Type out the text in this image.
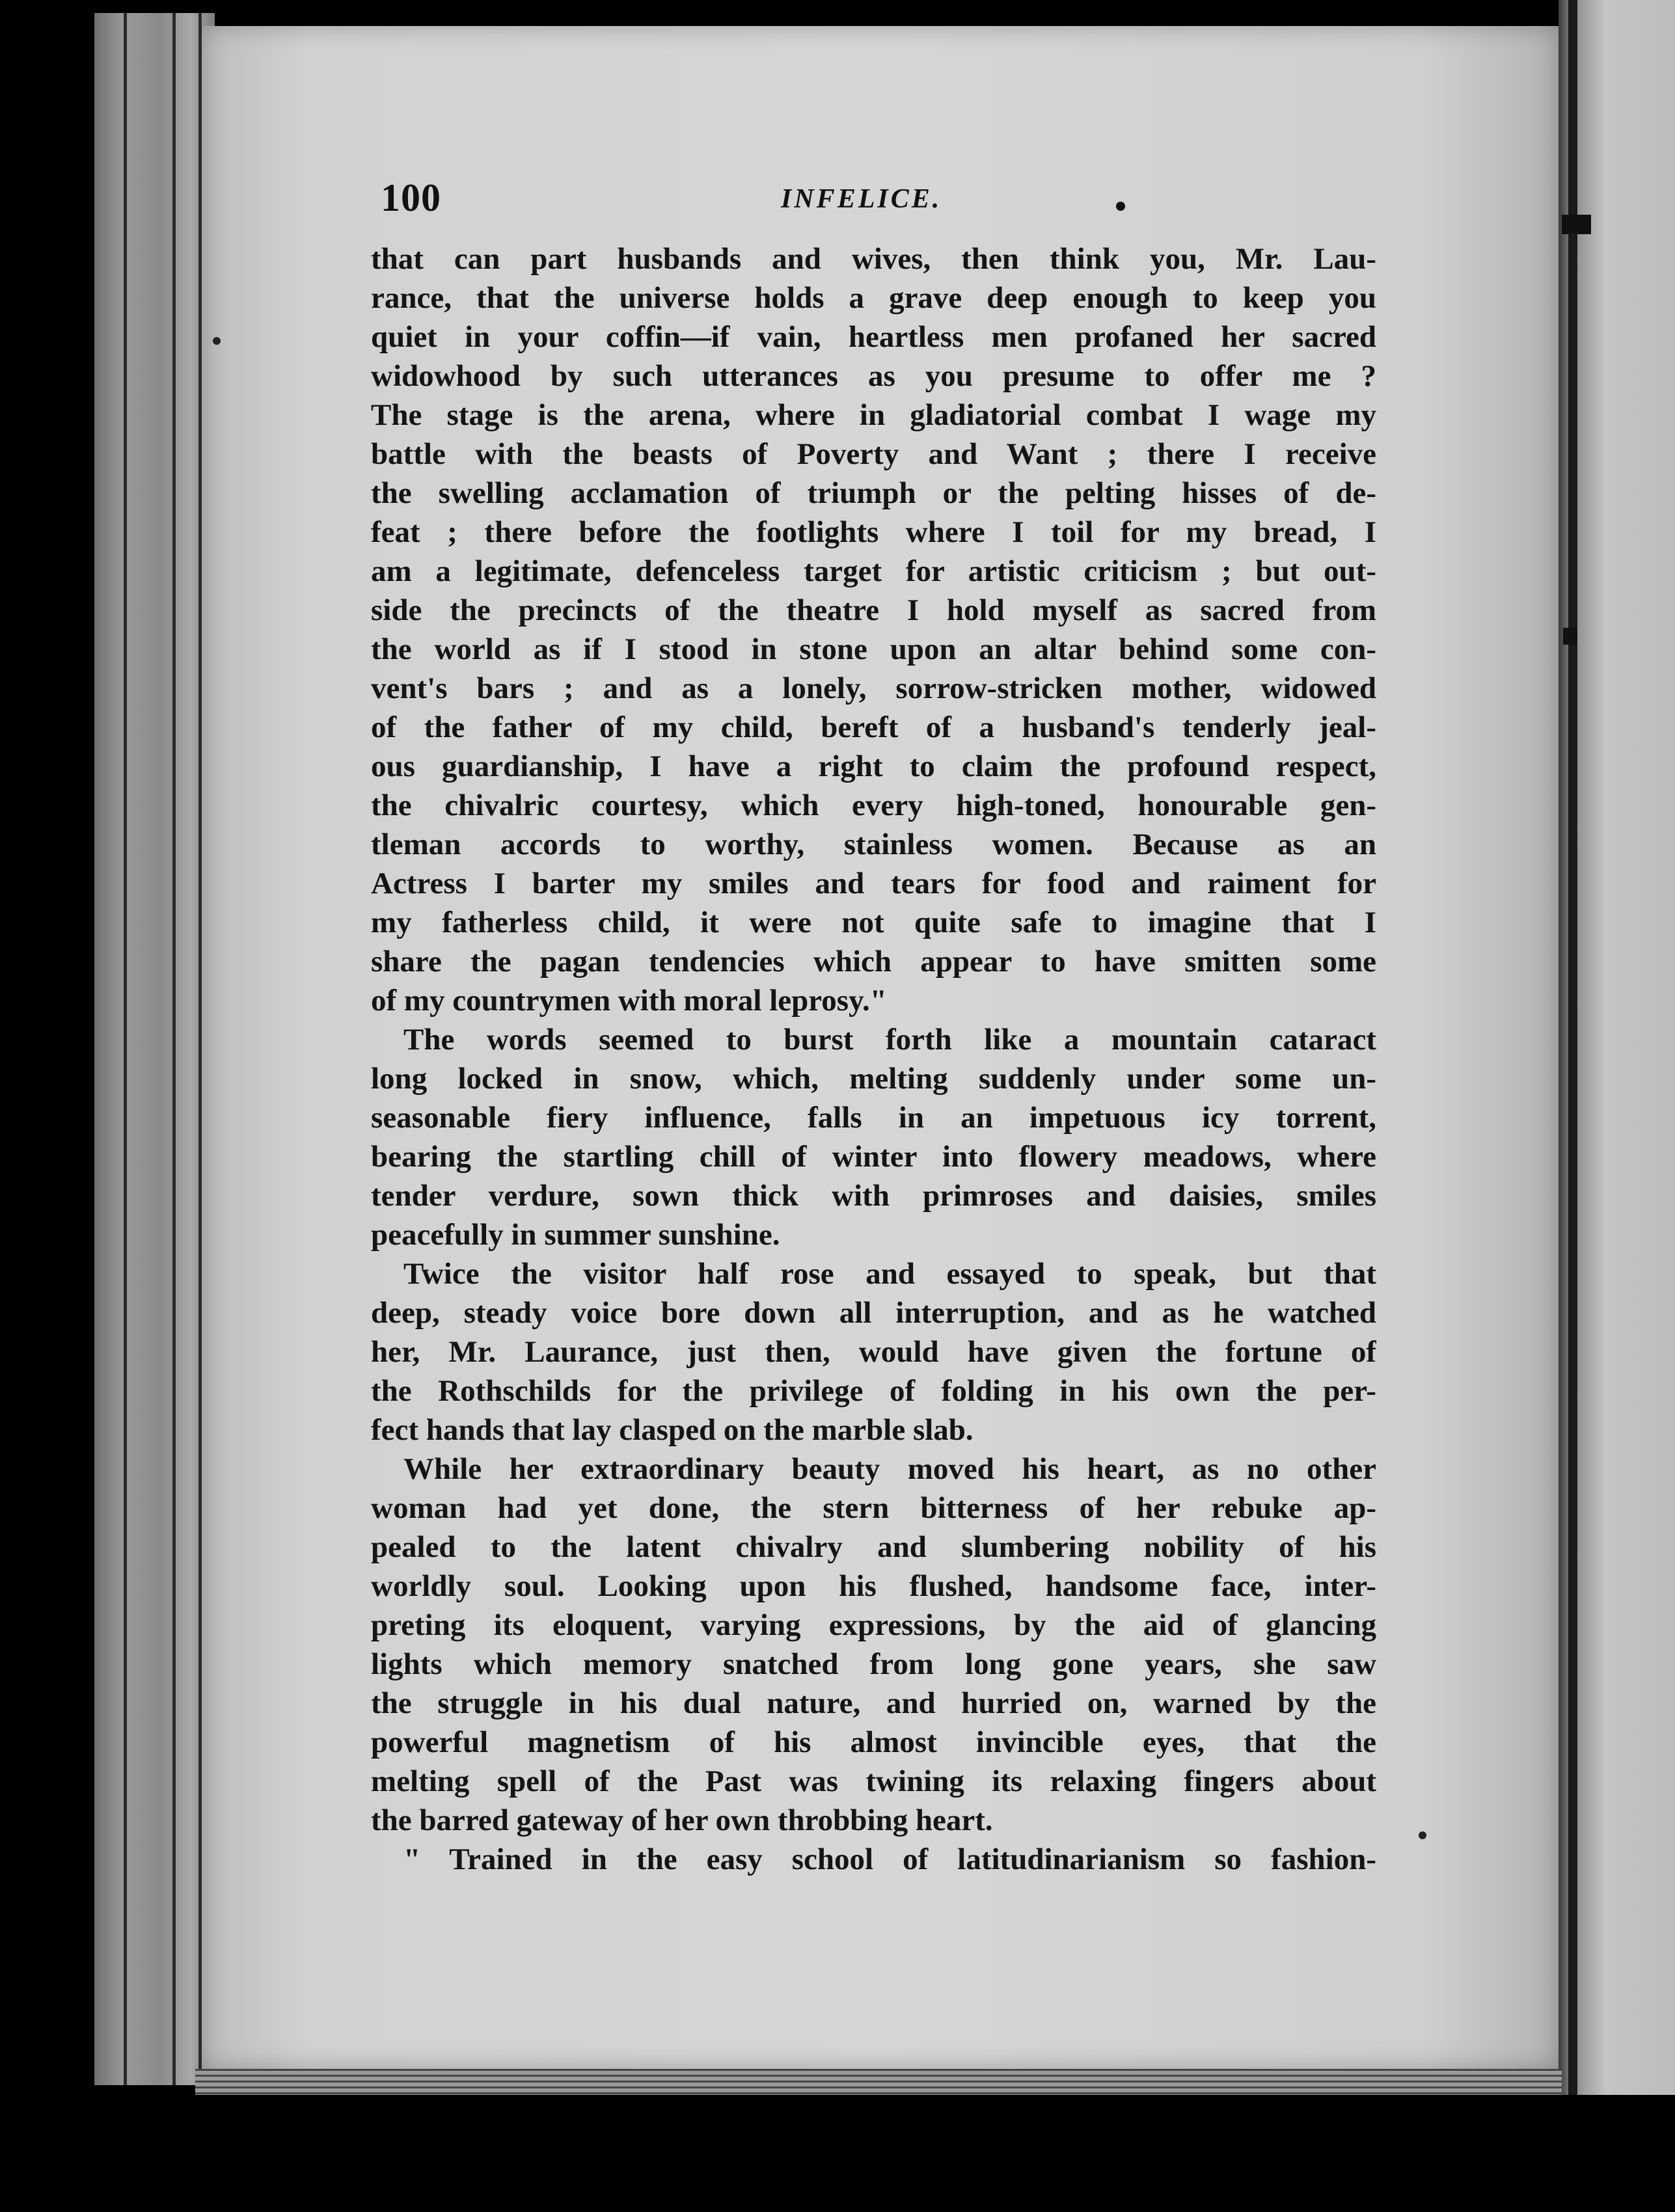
100	INFELICE.
that can part husbands and wives, then think you, Mr. Lau-
rance, that the universe holds a grave deep enough to keep you
quiet in your coffin—if vain, heartless men profaned her sacred
widowhood by such utterances as you presume to offer me ?
The stage is the arena, where in gladiatorial combat I wage my
battle with the beasts of Poverty and Want ; there I receive
the swelling acclamation of triumph or the pelting hisses of de-
feat ; there before the footlights where I toil for my bread, I
am a legitimate, defenceless target for artistic criticism ; but out-
side the precincts of the theatre I hold myself as sacred from
the world as if I stood in stone upon an altar behind some con-
vent's bars ; and as a lonely, sorrow-stricken mother, widowed
of the father of my child, bereft of a husband's tenderly jeal-
ous guardianship, I have a right to claim the profound respect,
the chivalric courtesy, which every high-toned, honourable gen-
tleman accords to worthy, stainless women. Because as an
Actress I barter my smiles and tears for food and raiment for
my fatherless child, it were not quite safe to imagine that I
share the pagan tendencies which appear to have smitten some
of my countrymen with moral leprosy."
The words seemed to burst forth like a mountain cataract
long locked in snow, which, melting suddenly under some un-
seasonable fiery influence, falls in an impetuous icy torrent,
bearing the startling chill of winter into flowery meadows, where
tender verdure, sown thick with primroses and daisies, smiles
peacefully in summer sunshine.
Twice the visitor half rose and essayed to speak, but that
deep, steady voice bore down all interruption, and as he watched
her, Mr. Laurance, just then, would have given the fortune of
the Rothschilds for the privilege of folding in his own the per-
fect hands that lay clasped on the marble slab.
While her extraordinary beauty moved his heart, as no other
woman had yet done, the stern bitterness of her rebuke ap-
pealed to the latent chivalry and slumbering nobility of his
worldly soul. Looking upon his flushed, handsome face, inter-
preting its eloquent, varying expressions, by the aid of glancing
lights which memory snatched from long gone years, she saw
the struggle in his dual nature, and hurried on, warned by the
powerful magnetism of his almost invincible eyes, that the
melting spell of the Past was twining its relaxing fingers about
the barred gateway of her own throbbing heart.
" Trained in the easy school of latitudinarianism so fashion-
